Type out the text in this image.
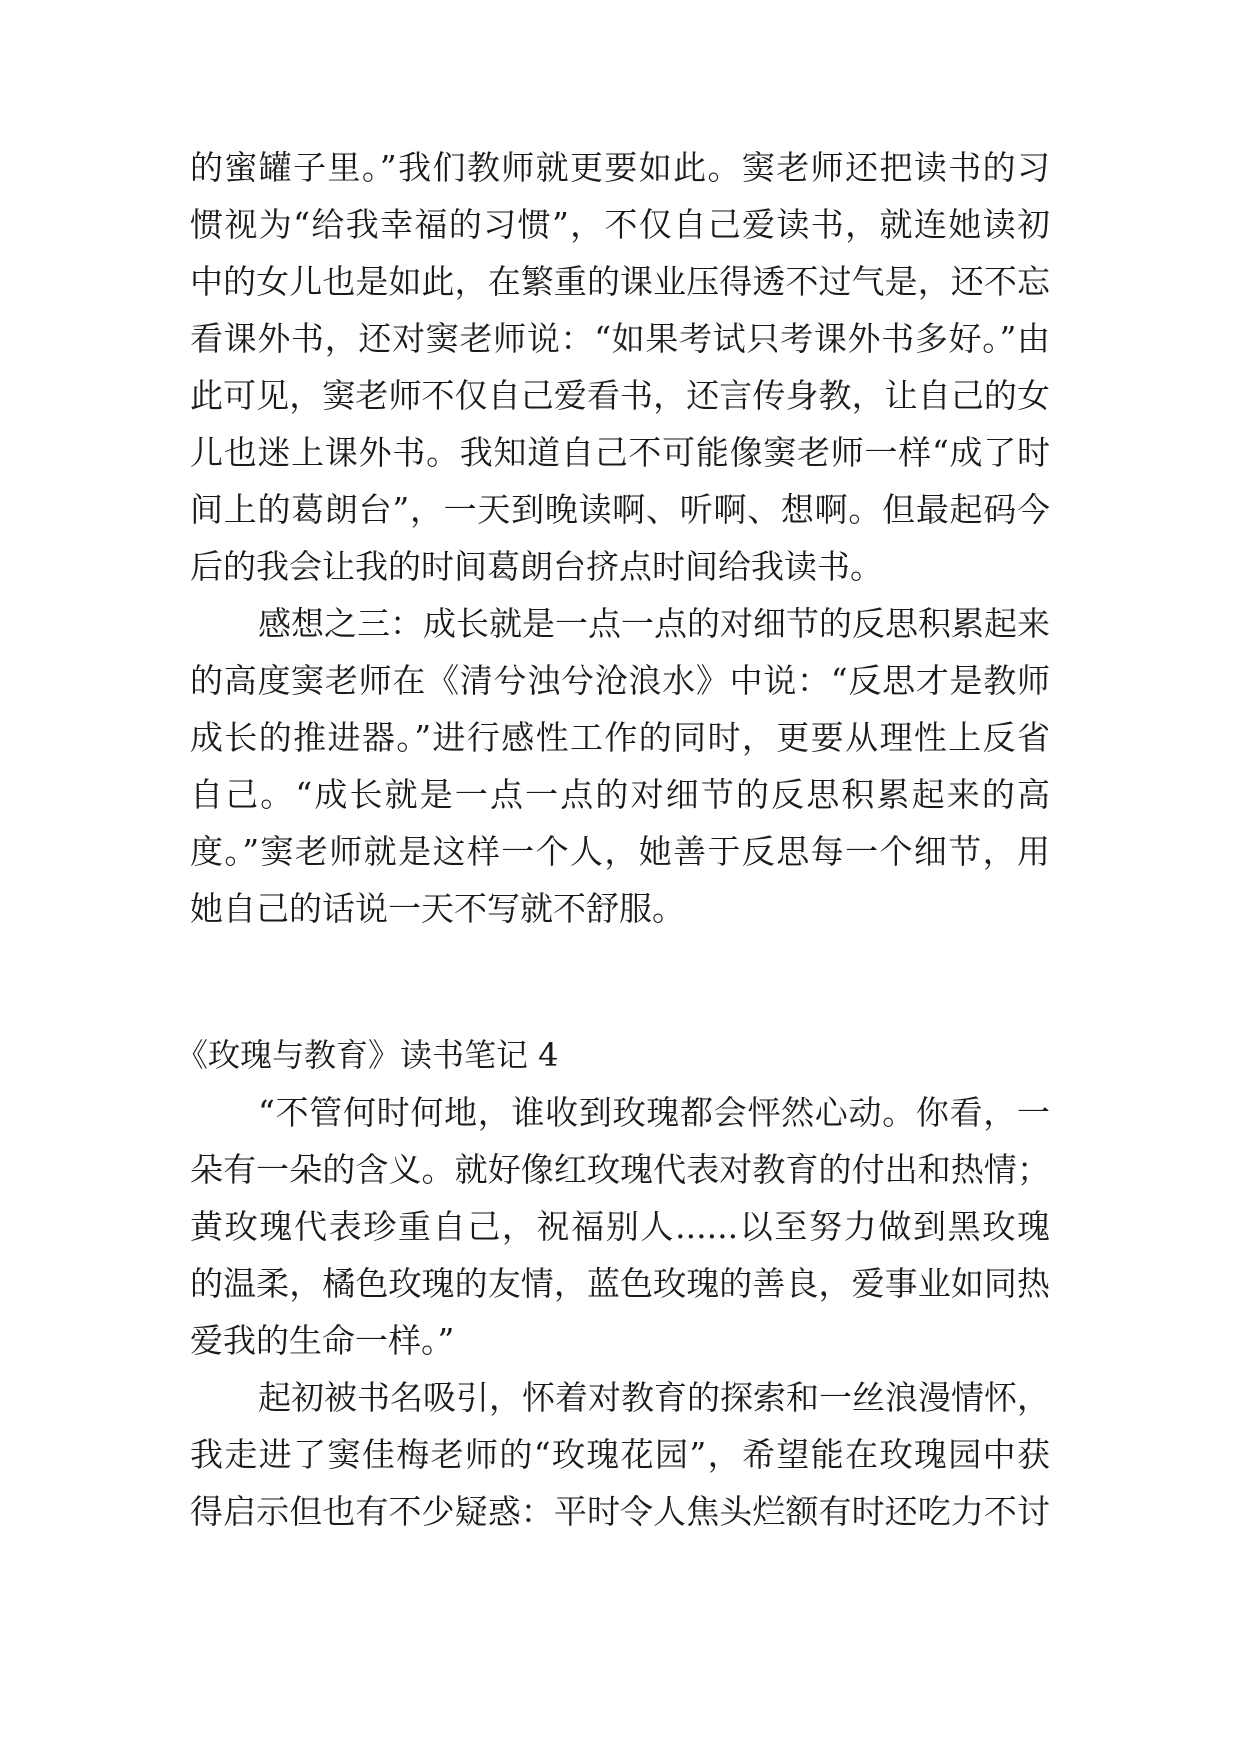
的蜜罐子里。”我们教师就更要如此。窦老师还把读书的习
惯视为“给我幸福的习惯”，不仅自己爱读书，就连她读初
中的女儿也是如此，在繁重的课业压得透不过气是，还不忘
看课外书，还对窦老师说：“如果考试只考课外书多好。”由
此可见，窦老师不仅自己爱看书，还言传身教，让自己的女
儿也迷上课外书。我知道自己不可能像窦老师一样“成了时
间上的葛朗台”，一天到晚读啊、听啊、想啊。但最起码今
后的我会让我的时间葛朗台挤点时间给我读书。
感想之三：成长就是一点一点的对细节的反思积累起来
的高度窦老师在《清兮浊兮沧浪水》中说：“反思才是教师
成长的推进器。”进行感性工作的同时，更要从理性上反省
自己。“成长就是一点一点的对细节的反思积累起来的高
度。”窦老师就是这样一个人，她善于反思每一个细节，用
她自己的话说一天不写就不舒服。
《玫瑰与教育》读书笔记 4
“不管何时何地，谁收到玫瑰都会怦然心动。你看，一
朵有一朵的含义。就好像红玫瑰代表对教育的付出和热情；
黄玫瑰代表珍重自己，祝福别人......以至努力做到黑玫瑰
的温柔，橘色玫瑰的友情，蓝色玫瑰的善良，爱事业如同热
爱我的生命一样。”
起初被书名吸引，怀着对教育的探索和一丝浪漫情怀，
我走进了窦佳梅老师的“玫瑰花园”，希望能在玫瑰园中获
得启示但也有不少疑惑：平时令人焦头烂额有时还吃力不讨
